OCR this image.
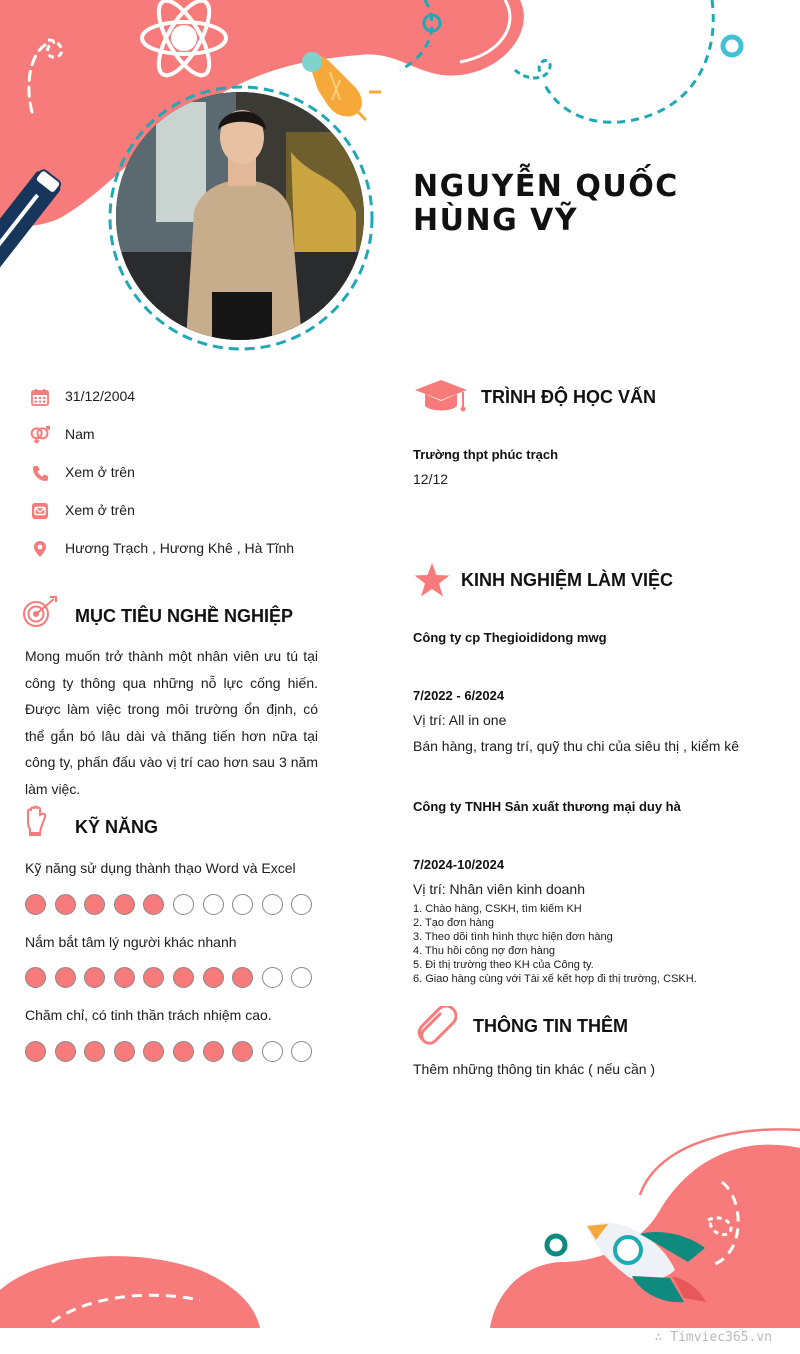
NGUYỄN QUỐC HÙNG VỸ
31/12/2004
Nam
Xem ở trên
Xem ở trên
Hương Trạch , Hương Khê , Hà Tĩnh
MỤC TIÊU NGHỀ NGHIỆP

Mong muốn trở thành một nhân viên ưu tú tại công ty thông qua những nỗ lực cống hiến. Được làm việc trong môi trường ổn định, có thể gắn bó lâu dài và thăng tiến hơn nữa tại công ty, phấn đấu vào vị trí cao hơn sau 3 năm làm việc.

KỸ NĂNG
Kỹ năng sử dụng thành thạo Word và Excel
Nắm bắt tâm lý người khác nhanh
Chăm chỉ, có tinh thần trách nhiệm cao.
TRÌNH ĐỘ HỌC VẤN
Trường thpt phúc trạch
12/12
KINH NGHIỆM LÀM VIỆC
Công ty cp Thegioididong mwg
7/2022 - 6/2024
Vị trí: All in one
Bán hàng, trang trí, quỹ thu chi của siêu thị , kiểm kê
Công ty TNHH Sản xuất thương mại duy hà
7/2024-10/2024
Vị trí: Nhân viên kinh doanh
1. Chào hàng, CSKH, tìm kiếm KH
2. Tạo đơn hàng
3. Theo dõi tình hình thực hiện đơn hàng
4. Thu hồi công nợ đơn hàng
5. Đi thị trường theo KH của Công ty.
6. Giao hàng cùng với Tài xế kết hợp đi thị trường, CSKH.
THÔNG TIN THÊM
Thêm những thông tin khác ( nếu cần )
∴ Timviec365.vn
